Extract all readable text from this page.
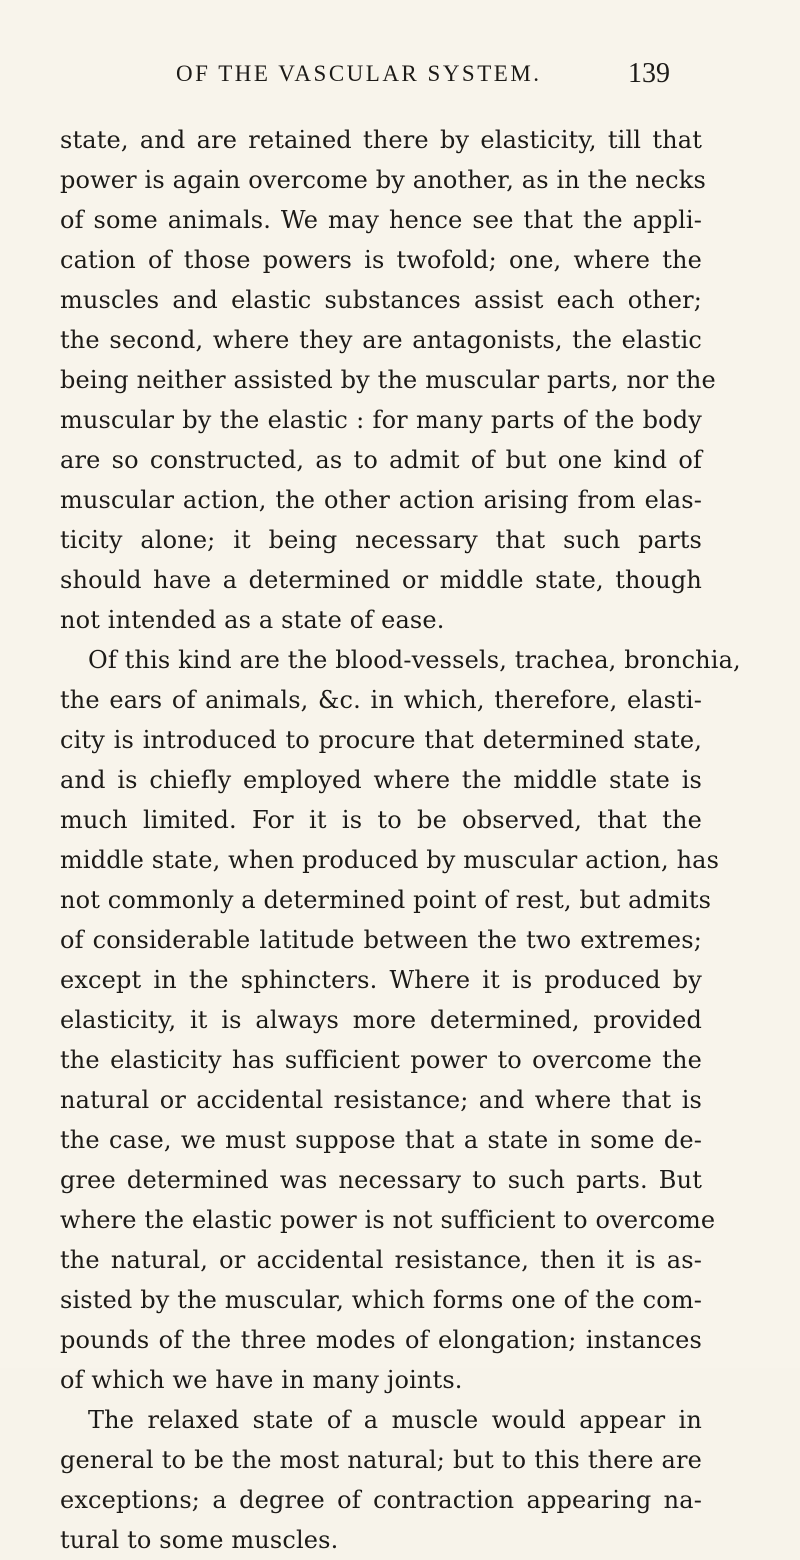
OF THE VASCULAR SYSTEM.	139
state, and are retained there by elasticity, till that
power is again overcome by another, as in the necks
of some animals. We may hence see that the appli-
cation of those powers is twofold; one, where the
muscles and elastic substances assist each other;
the second, where they are antagonists, the elastic
being neither assisted by the muscular parts, nor the
muscular by the elastic : for many parts of the body
are so constructed, as to admit of but one kind of
muscular action, the other action arising from elas-
ticity alone; it being necessary that such parts
should have a determined or middle state, though
not intended as a state of ease.
Of this kind are the blood-vessels, trachea, bronchia,
the ears of animals, &c. in which, therefore, elasti-
city is introduced to procure that determined state,
and is chiefly employed where the middle state is
much limited. For it is to be observed, that the
middle state, when produced by muscular action, has
not commonly a determined point of rest, but admits
of considerable latitude between the two extremes;
except in the sphincters. Where it is produced by
elasticity, it is always more determined, provided
the elasticity has sufficient power to overcome the
natural or accidental resistance; and where that is
the case, we must suppose that a state in some de-
gree determined was necessary to such parts. But
where the elastic power is not sufficient to overcome
the natural, or accidental resistance, then it is as-
sisted by the muscular, which forms one of the com-
pounds of the three modes of elongation; instances
of which we have in many joints.
The relaxed state of a muscle would appear in
general to be the most natural; but to this there are
exceptions; a degree of contraction appearing na-
tural to some muscles.
